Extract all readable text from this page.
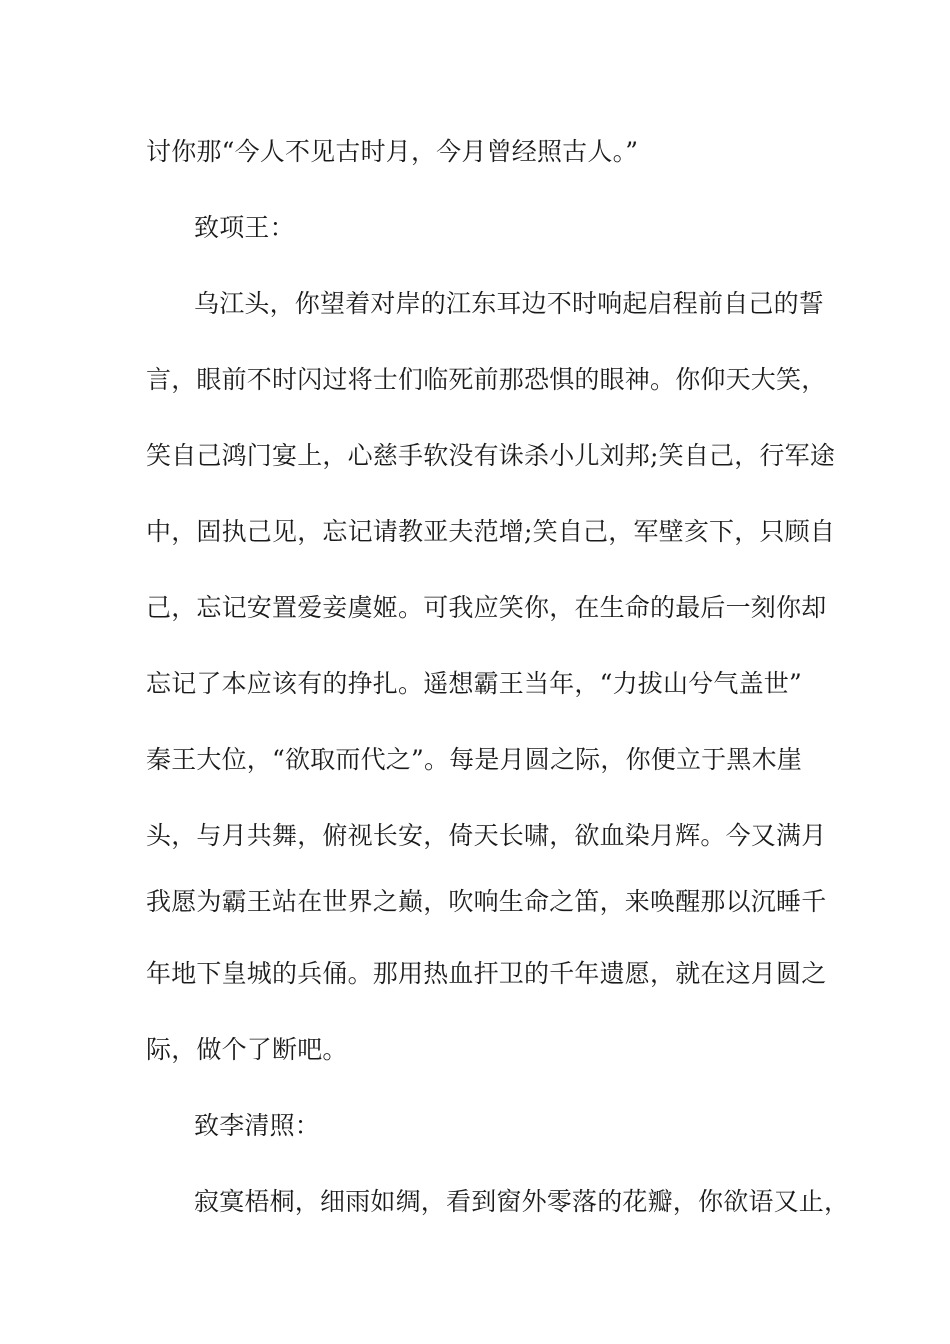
讨你那“今人不见古时月，今月曾经照古人。”
致项王：
乌江头，你望着对岸的江东耳边不时响起启程前自己的誓
言，眼前不时闪过将士们临死前那恐惧的眼神。你仰天大笑，
笑自己鸿门宴上，心慈手软没有诛杀小儿刘邦;笑自己，行军途
中，固执己见，忘记请教亚夫范增;笑自己，军壁亥下，只顾自
己，忘记安置爱妾虞姬。可我应笑你，在生命的最后一刻你却
忘记了本应该有的挣扎。遥想霸王当年，“力拔山兮气盖世”
秦王大位，“欲取而代之”。每是月圆之际，你便立于黑木崖
头，与月共舞，俯视长安，倚天长啸，欲血染月辉。今又满月
我愿为霸王站在世界之巅，吹响生命之笛，来唤醒那以沉睡千
年地下皇城的兵俑。那用热血扞卫的千年遗愿，就在这月圆之
际，做个了断吧。
致李清照：
寂寞梧桐，细雨如绸，看到窗外零落的花瓣，你欲语又止，
